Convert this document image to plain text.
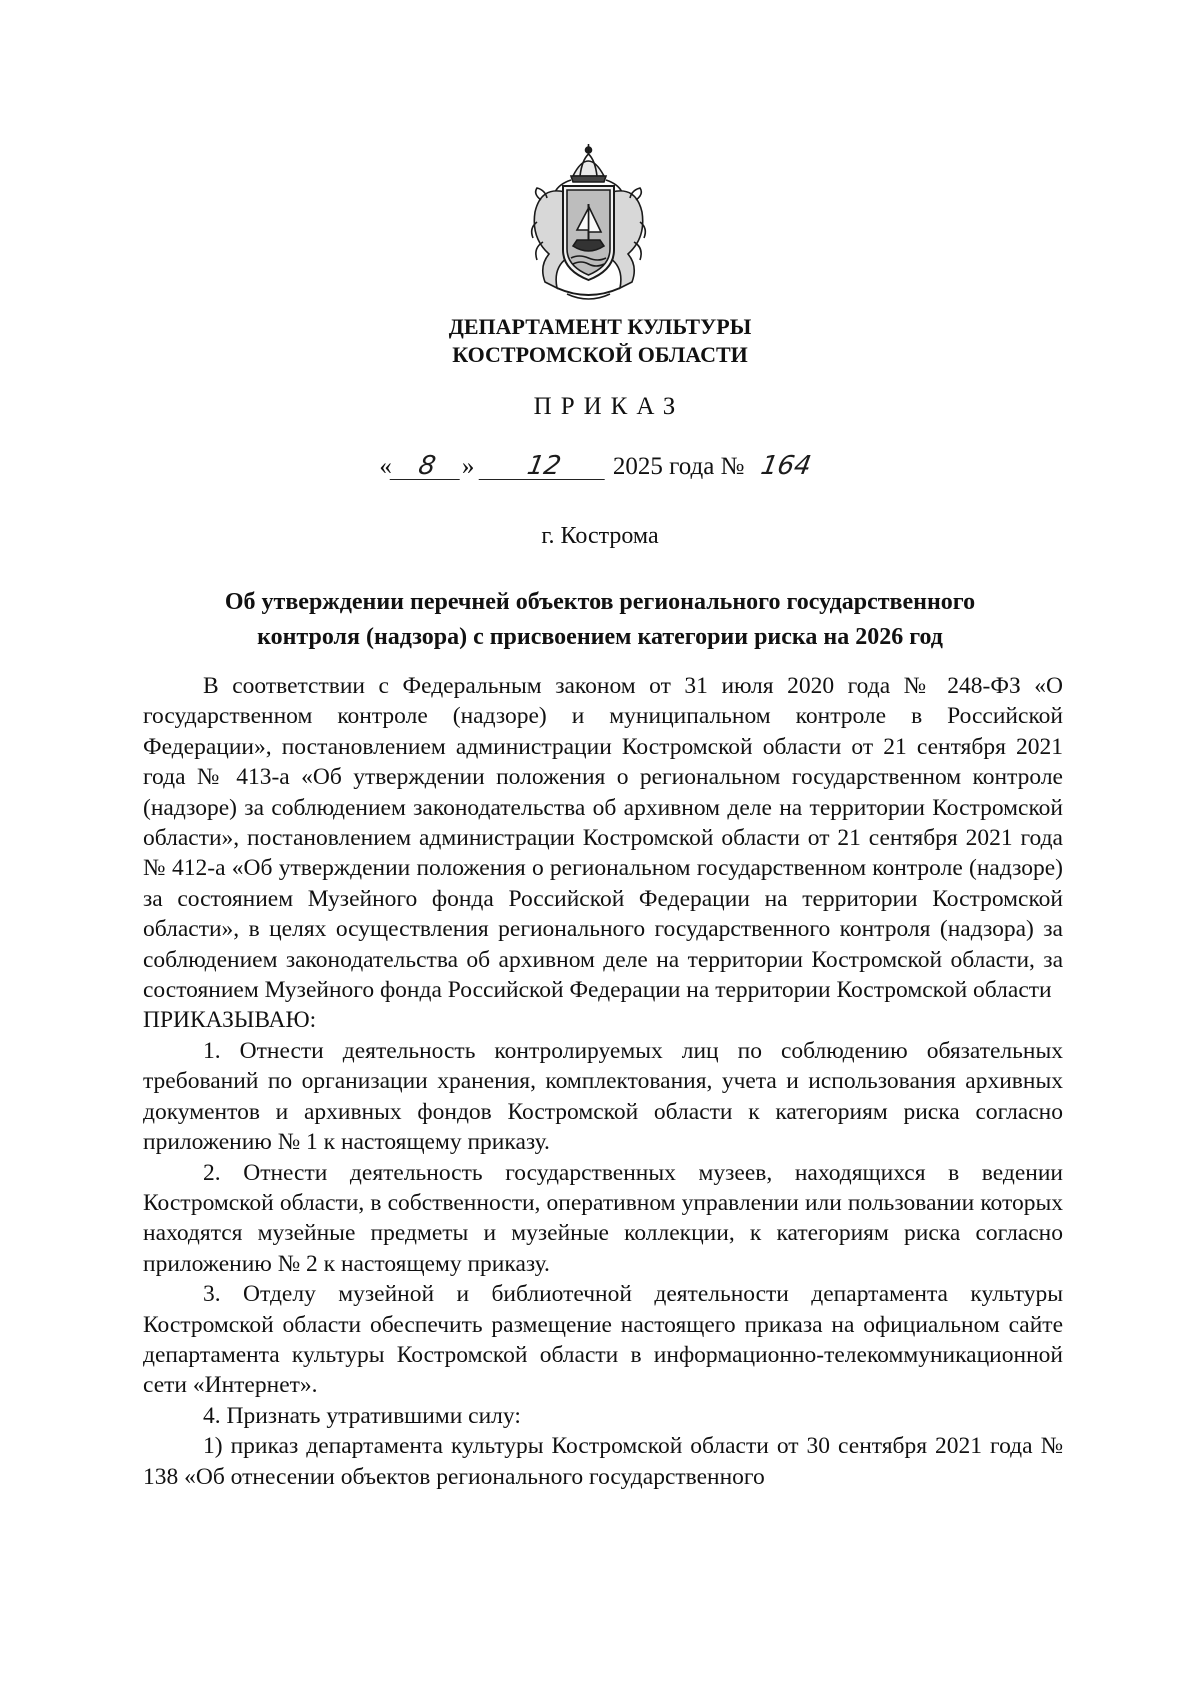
ДЕПАРТАМЕНТ КУЛЬТУРЫ
КОСТРОМСКОЙ ОБЛАСТИ
ПРИКАЗ
« 8 » 12 2025 года № 164
г. Кострома
Об утверждении перечней объектов регионального государственного
контроля (надзора) с присвоением категории риска на 2026 год

В соответствии с Федеральным законом от 31 июля 2020 года № 248-ФЗ «О государственном контроле (надзоре) и муниципальном контроле в Российской Федерации», постановлением администрации Костромской области от 21 сентября 2021 года № 413-а «Об утверждении положения о региональном государственном контроле (надзоре) за соблюдением законодательства об архивном деле на территории Костромской области», постановлением администрации Костромской области от 21 сентября 2021 года № 412-а «Об утверждении положения о региональном государственном контроле (надзоре) за состоянием Музейного фонда Российской Федерации на территории Костромской области», в целях осуществления регионального государственного контроля (надзора) за соблюдением законодательства об архивном деле на территории Костромской области, за состоянием Музейного фонда Российской Федерации на территории Костромской области

ПРИКАЗЫВАЮ:

1. Отнести деятельность контролируемых лиц по соблюдению обязательных требований по организации хранения, комплектования, учета и использования архивных документов и архивных фондов Костромской области к категориям риска согласно приложению № 1 к настоящему приказу.

2. Отнести деятельность государственных музеев, находящихся в ведении Костромской области, в собственности, оперативном управлении или пользовании которых находятся музейные предметы и музейные коллекции, к категориям риска согласно приложению № 2 к настоящему приказу.

3. Отделу музейной и библиотечной деятельности департамента культуры Костромской области обеспечить размещение настоящего приказа на официальном сайте департамента культуры Костромской области в информационно-телекоммуникационной сети «Интернет».

4. Признать утратившими силу:

1) приказ департамента культуры Костромской области от 30 сентября 2021 года № 138 «Об отнесении объектов регионального государственного
